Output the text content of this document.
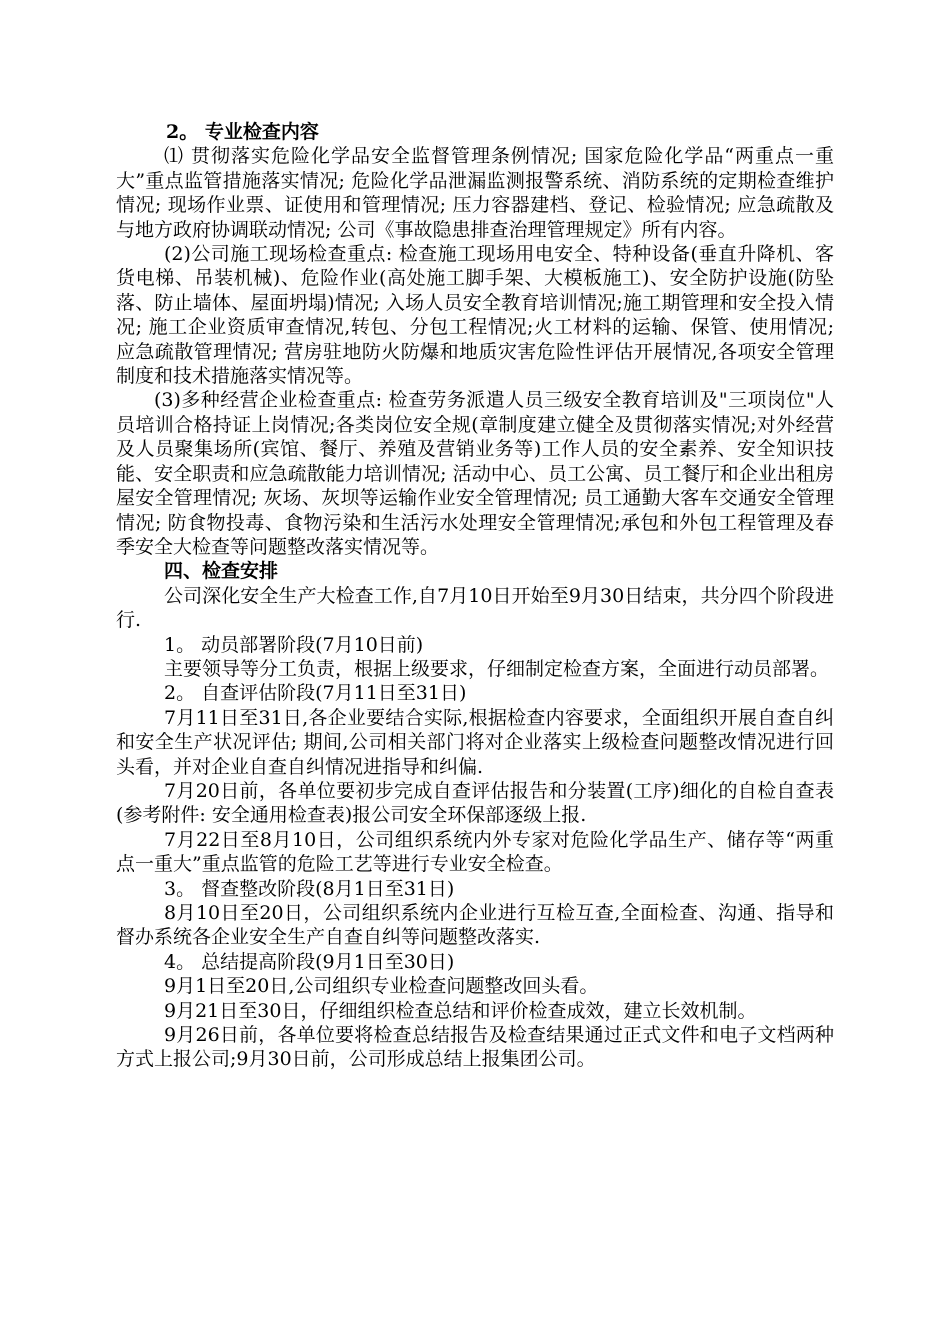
2。 专业检查内容

⑴ 贯彻落实危险化学品安全监督管理条例情况; 国家危险化学品“两重点一重大”重点监管措施落实情况; 危险化学品泄漏监测报警系统、消防系统的定期检查维护情况; 现场作业票、证使用和管理情况; 压力容器建档、登记、检验情况; 应急疏散及与地方政府协调联动情况; 公司《事故隐患排查治理管理规定》所有内容。

(2)公司施工现场检查重点: 检查施工现场用电安全、特种设备(垂直升降机、客货电梯、吊装机械)、危险作业(高处施工脚手架、大模板施工)、安全防护设施(防坠落、防止墙体、屋面坍塌)情况; 入场人员安全教育培训情况;施工期管理和安全投入情况; 施工企业资质审查情况,转包、分包工程情况;火工材料的运输、保管、使用情况; 应急疏散管理情况; 营房驻地防火防爆和地质灾害危险性评估开展情况,各项安全管理制度和技术措施落实情况等。

(3)多种经营企业检查重点: 检查劳务派遣人员三级安全教育培训及"三项岗位"人员培训合格持证上岗情况;各类岗位安全规(章制度建立健全及贯彻落实情况;对外经营及人员聚集场所(宾馆、餐厅、养殖及营销业务等)工作人员的安全素养、安全知识技能、安全职责和应急疏散能力培训情况; 活动中心、员工公寓、员工餐厅和企业出租房屋安全管理情况; 灰场、灰坝等运输作业安全管理情况; 员工通勤大客车交通安全管理情况; 防食物投毒、食物污染和生活污水处理安全管理情况;承包和外包工程管理及春季安全大检查等问题整改落实情况等。

四、检查安排

公司深化安全生产大检查工作,自7月10日开始至9月30日结束，共分四个阶段进行.

1。 动员部署阶段(7月10日前)

主要领导等分工负责，根据上级要求，仔细制定检查方案，全面进行动员部署。

2。 自查评估阶段(7月11日至31日)

7月11日至31日,各企业要结合实际,根据检查内容要求，全面组织开展自查自纠和安全生产状况评估; 期间,公司相关部门将对企业落实上级检查问题整改情况进行回头看，并对企业自查自纠情况进指导和纠偏.

7月20日前，各单位要初步完成自查评估报告和分装置(工序)细化的自检自查表(参考附件: 安全通用检查表)报公司安全环保部逐级上报.

7月22日至8月10日，公司组织系统内外专家对危险化学品生产、储存等“两重点一重大”重点监管的危险工艺等进行专业安全检查。

3。 督查整改阶段(8月1日至31日)

8月10日至20日，公司组织系统内企业进行互检互查,全面检查、沟通、指导和督办系统各企业安全生产自查自纠等问题整改落实.

4。 总结提高阶段(9月1日至30日)

9月1日至20日,公司组织专业检查问题整改回头看。

9月21日至30日，仔细组织检查总结和评价检查成效，建立长效机制。

9月26日前，各单位要将检查总结报告及检查结果通过正式文件和电子文档两种方式上报公司;9月30日前，公司形成总结上报集团公司。
